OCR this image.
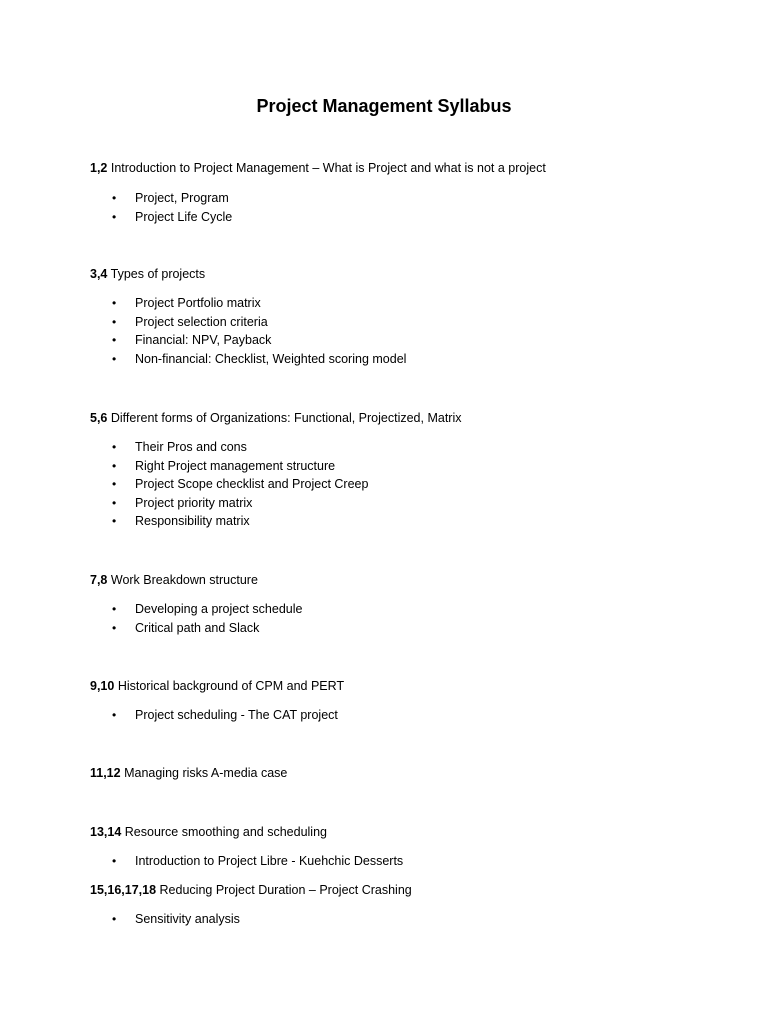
Project Management Syllabus
1,2 Introduction to Project Management – What is Project and what is not a project
•	Project, Program
•	Project Life Cycle
3,4 Types of projects
•	Project Portfolio matrix
•	Project selection criteria
•	Financial: NPV, Payback
•	Non-financial: Checklist, Weighted scoring model
5,6 Different forms of Organizations: Functional, Projectized, Matrix
•	Their Pros and cons
•	Right Project management structure
•	Project Scope checklist and Project Creep
•	Project priority matrix
•	Responsibility matrix
7,8 Work Breakdown structure
•	Developing a project schedule
•	Critical path and Slack
9,10 Historical background of CPM and PERT
•	Project scheduling - The CAT project
11,12 Managing risks A-media case
13,14 Resource smoothing and scheduling
•	Introduction to Project Libre - Kuehchic Desserts
15,16,17,18 Reducing Project Duration – Project Crashing
•	Sensitivity analysis
